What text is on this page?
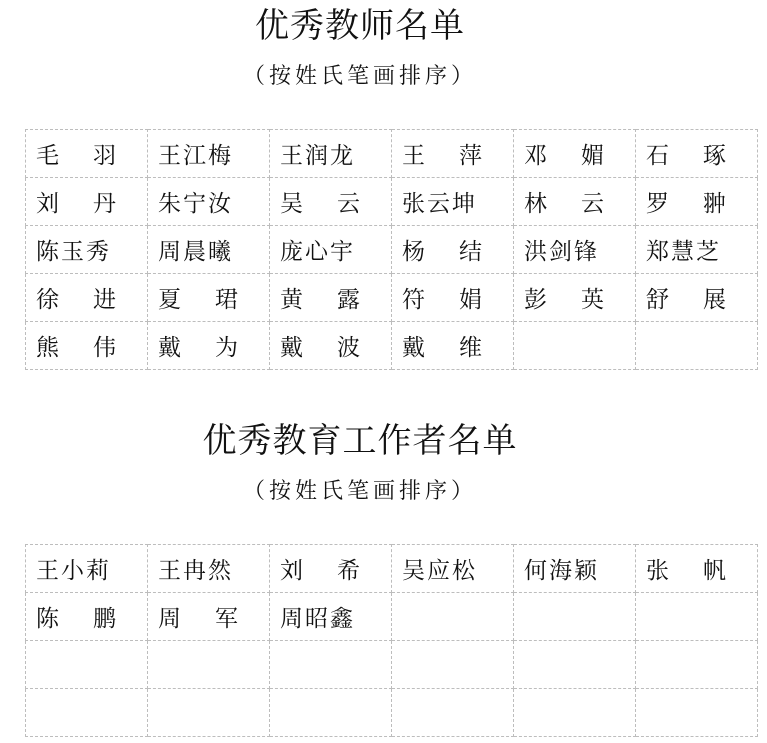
优秀教师名单
（按姓氏笔画排序）
毛 羽	王江梅	王润龙	王 萍	邓 媚	石 琢
刘 丹	朱宁汝	吴 云	张云坤	林 云	罗 翀
陈玉秀	周晨曦	庞心宇	杨 结	洪剑锋	郑慧芝
徐 进	夏 珺	黄 露	符 娟	彭 英	舒 展
熊 伟	戴 为	戴 波	戴 维		
优秀教育工作者名单
（按姓氏笔画排序）
王小莉	王冉然	刘 希	吴应松	何海颖	张 帆
陈 鹏	周 军	周昭鑫			
